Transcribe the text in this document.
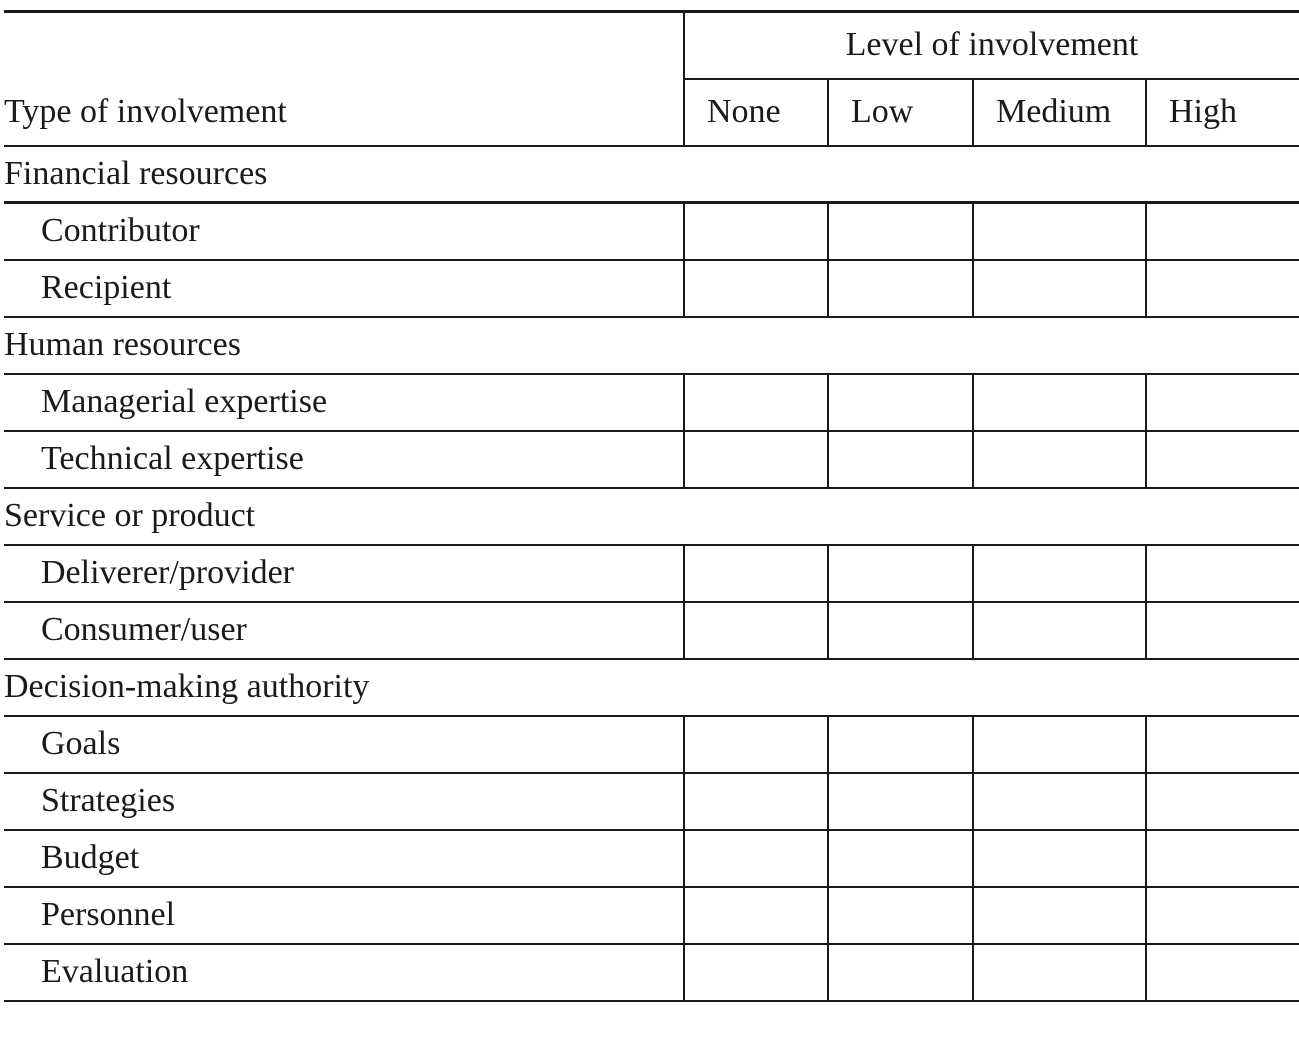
Type of involvement	Level of involvement			
	None	Low	Medium	High
Financial resources				
Contributor				
Recipient				
Human resources				
Managerial expertise				
Technical expertise				
Service or product				
Deliverer/provider				
Consumer/user				
Decision-making authority				
Goals				
Strategies				
Budget				
Personnel				
Evaluation				
